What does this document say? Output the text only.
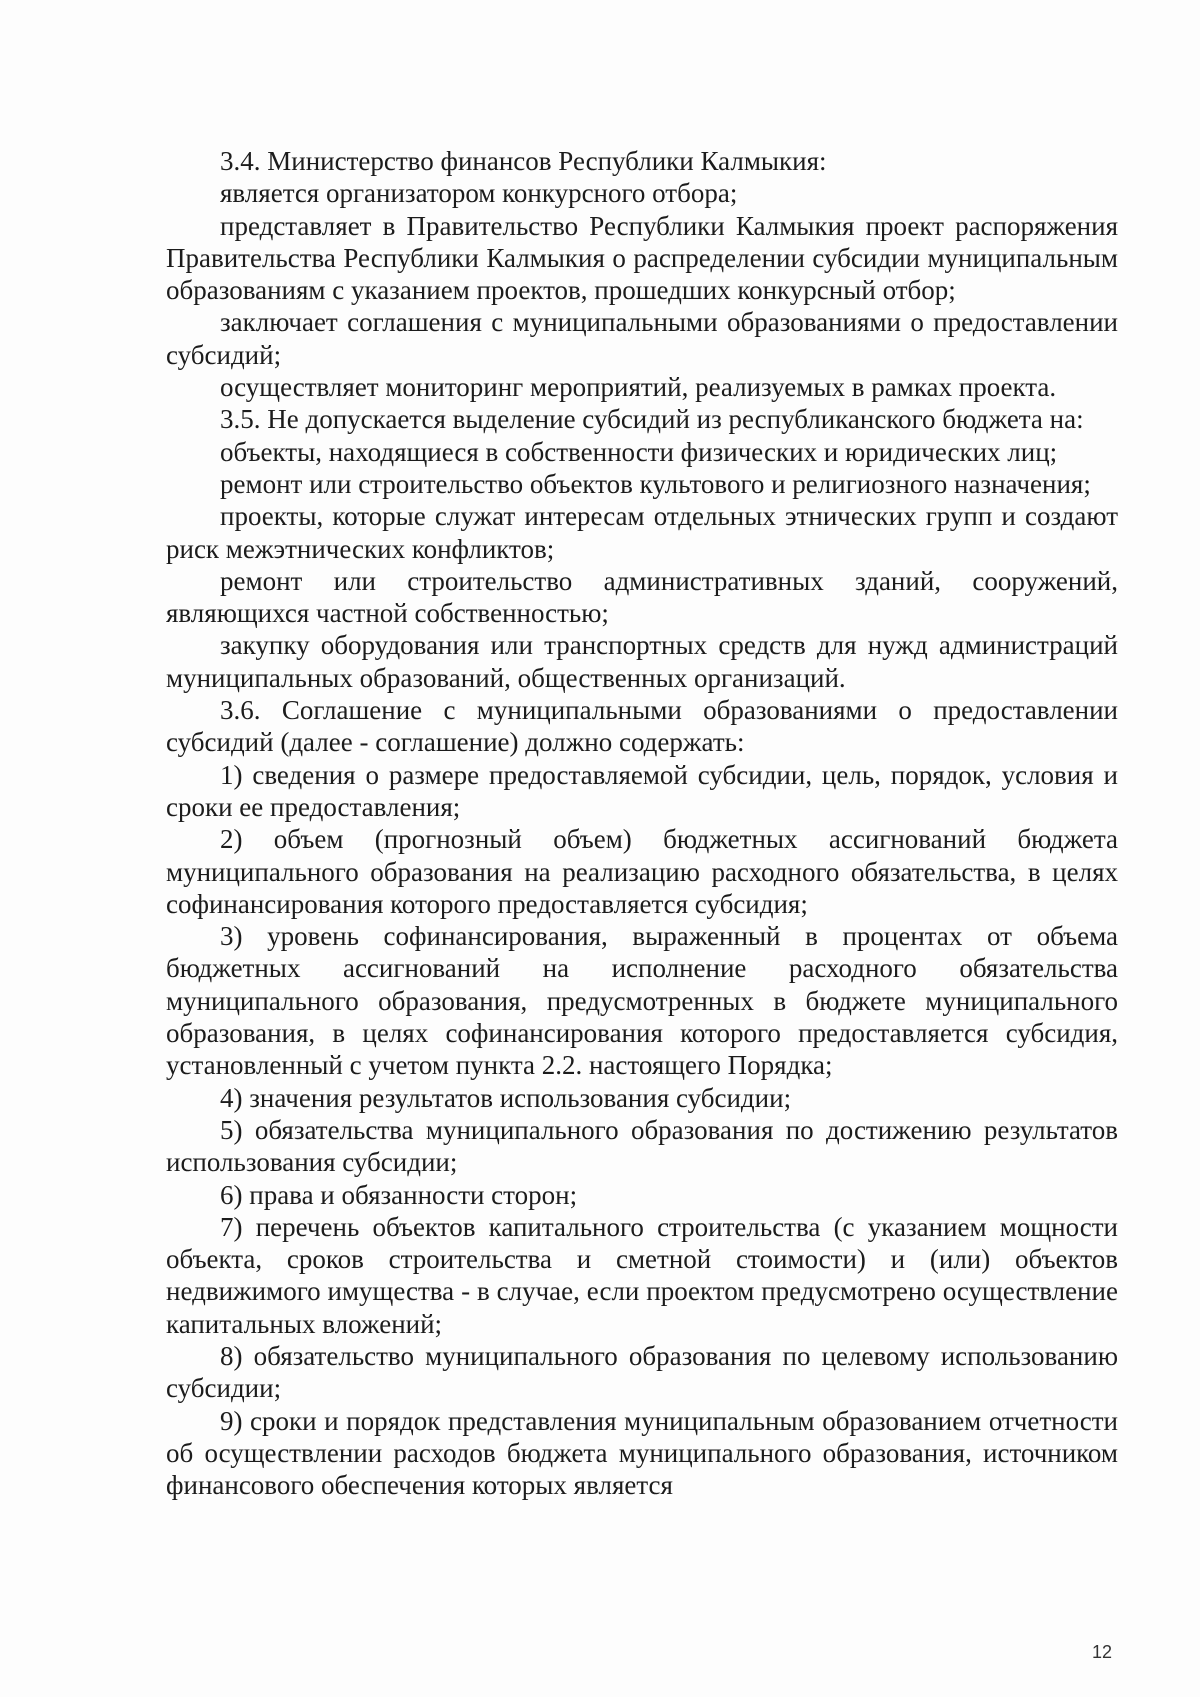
3.4. Министерство финансов Республики Калмыкия:

является организатором конкурсного отбора;

представляет в Правительство Республики Калмыкия проект распоряжения Правительства Республики Калмыкия о распределении субсидии муниципальным образованиям с указанием проектов, прошедших конкурсный отбор;

заключает соглашения с муниципальными образованиями о предоставлении субсидий;

осуществляет мониторинг мероприятий, реализуемых в рамках проекта.

3.5. Не допускается выделение субсидий из республиканского бюджета на:

объекты, находящиеся в собственности физических и юридических лиц;

ремонт или строительство объектов культового и религиозного назначения;

проекты, которые служат интересам отдельных этнических групп и создают риск межэтнических конфликтов;

ремонт или строительство административных зданий, сооружений, являющихся частной собственностью;

закупку оборудования или транспортных средств для нужд администраций муниципальных образований, общественных организаций.

3.6. Соглашение с муниципальными образованиями о предоставлении субсидий (далее - соглашение) должно содержать:

1) сведения о размере предоставляемой субсидии, цель, порядок, условия и сроки ее предоставления;

2) объем (прогнозный объем) бюджетных ассигнований бюджета муниципального образования на реализацию расходного обязательства, в целях софинансирования которого предоставляется субсидия;

3) уровень софинансирования, выраженный в процентах от объема бюджетных ассигнований на исполнение расходного обязательства муниципального образования, предусмотренных в бюджете муниципального образования, в целях софинансирования которого предоставляется субсидия, установленный с учетом пункта 2.2. настоящего Порядка;

4) значения результатов использования субсидии;

5) обязательства муниципального образования по достижению результатов использования субсидии;

6) права и обязанности сторон;

7) перечень объектов капитального строительства (с указанием мощности объекта, сроков строительства и сметной стоимости) и (или) объектов недвижимого имущества - в случае, если проектом предусмотрено осуществление капитальных вложений;

8) обязательство муниципального образования по целевому использованию субсидии;

9) сроки и порядок представления муниципальным образованием отчетности об осуществлении расходов бюджета муниципального образования, источником финансового обеспечения которых является

12
